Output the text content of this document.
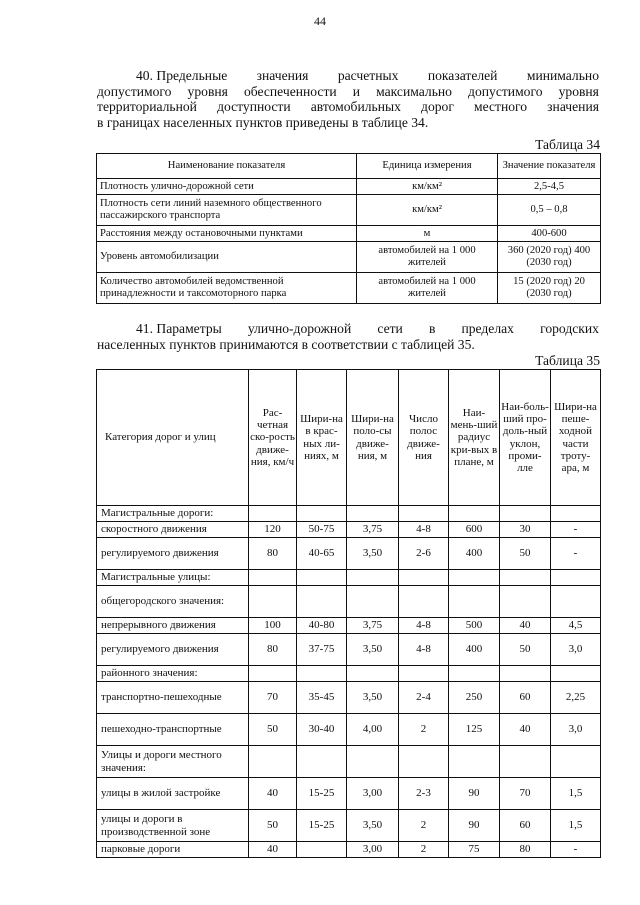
44
40. Предельные значения расчетных показателей минимально
допустимого уровня обеспеченности и максимально допустимого уровня
территориальной доступности автомобильных дорог местного значения
в границах населенных пунктов приведены в таблице 34.
Таблица 34
Наименование показателя	Единица измерения	Значение показателя
Плотность улично-дорожной сети	км/км²	2,5-4,5
Плотность сети линий наземного общественного пассажирского транспорта	км/км²	0,5 – 0,8
Расстояния между остановочными пунктами	м	400-600
Уровень автомобилизации	автомобилей на 1 000 жителей	360 (2020 год) 400 (2030 год)
Количество автомобилей ведомственной принадлежности и таксомоторного парка	автомобилей на 1 000 жителей	15 (2020 год) 20 (2030 год)
41. Параметры улично-дорожной сети в пределах городских
населенных пунктов принимаются в соответствии с таблицей 35.
Таблица 35
Категория дорог и улиц	Рас-четная ско-рость движе-ния, км/ч	Шири-на в крас-ных ли-ниях, м	Шири-на поло-сы движе-ния, м	Число полос движе-ния	Наи-мень-ший радиус кри-вых в плане, м	Наи-боль-ший про-доль-ный уклон, проми-лле	Шири-на пеше-ходной части троту-ара, м
Магистральные дороги:							
скоростного движения	120	50-75	3,75	4-8	600	30	-
регулируемого движения	80	40-65	3,50	2-6	400	50	-
Магистральные улицы:							
общегородского значения:							
непрерывного движения	100	40-80	3,75	4-8	500	40	4,5
регулируемого движения	80	37-75	3,50	4-8	400	50	3,0
районного значения:							
транспортно-пешеходные	70	35-45	3,50	2-4	250	60	2,25
пешеходно-транспортные	50	30-40	4,00	2	125	40	3,0
Улицы и дороги местного значения:							
улицы в жилой застройке	40	15-25	3,00	2-3	90	70	1,5
улицы и дороги в производственной зоне	50	15-25	3,50	2	90	60	1,5
парковые дороги	40		3,00	2	75	80	-
